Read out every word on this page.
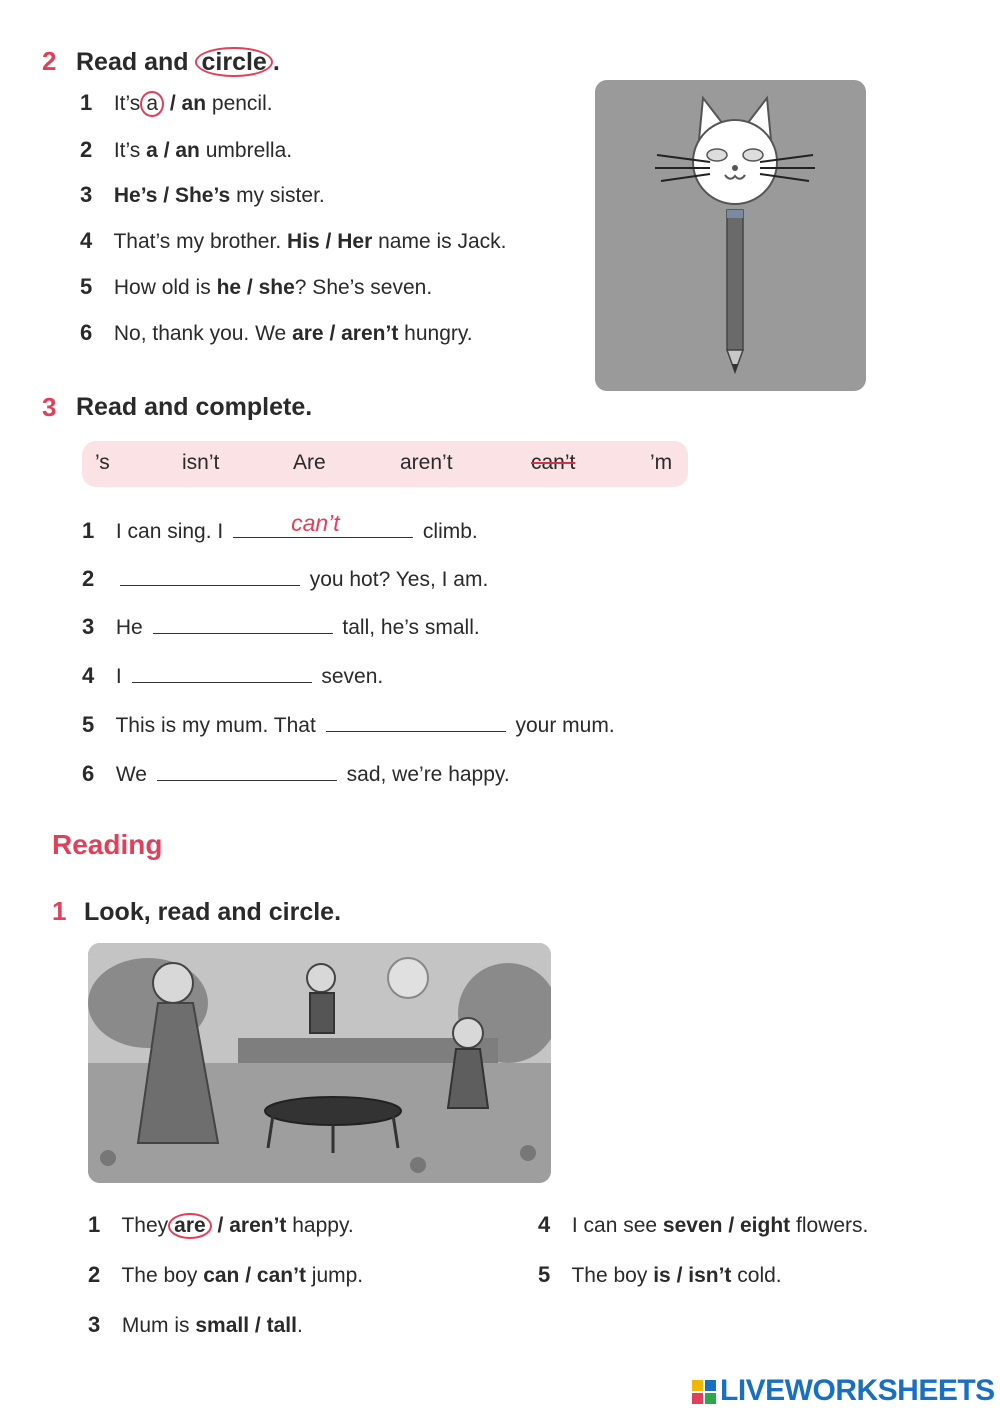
2 Read and circle .
1 It’s a / an pencil.
2 It’s a / an umbrella.
3 He’s / She’s my sister.
4 That’s my brother. His / Her name is Jack.
5 How old is he / she? She’s seven.
6 No, thank you. We are / aren’t hungry.
3 Read and complete.
’s	isn’t	Are	aren’t	can’t	’m
1 I can sing. I	can’t	climb.
2	you hot? Yes, I am.
3 He	tall, he’s small.
4 I	seven.
5 This is my mum. That	your mum.
6 We	sad, we’re happy.
Reading
1 Look, read and circle.
1 They are / aren’t happy.
2 The boy can / can’t jump.
3 Mum is small / tall.
4 I can see seven / eight flowers.
5 The boy is / isn’t cold.
LIVEWORKSHEETS
